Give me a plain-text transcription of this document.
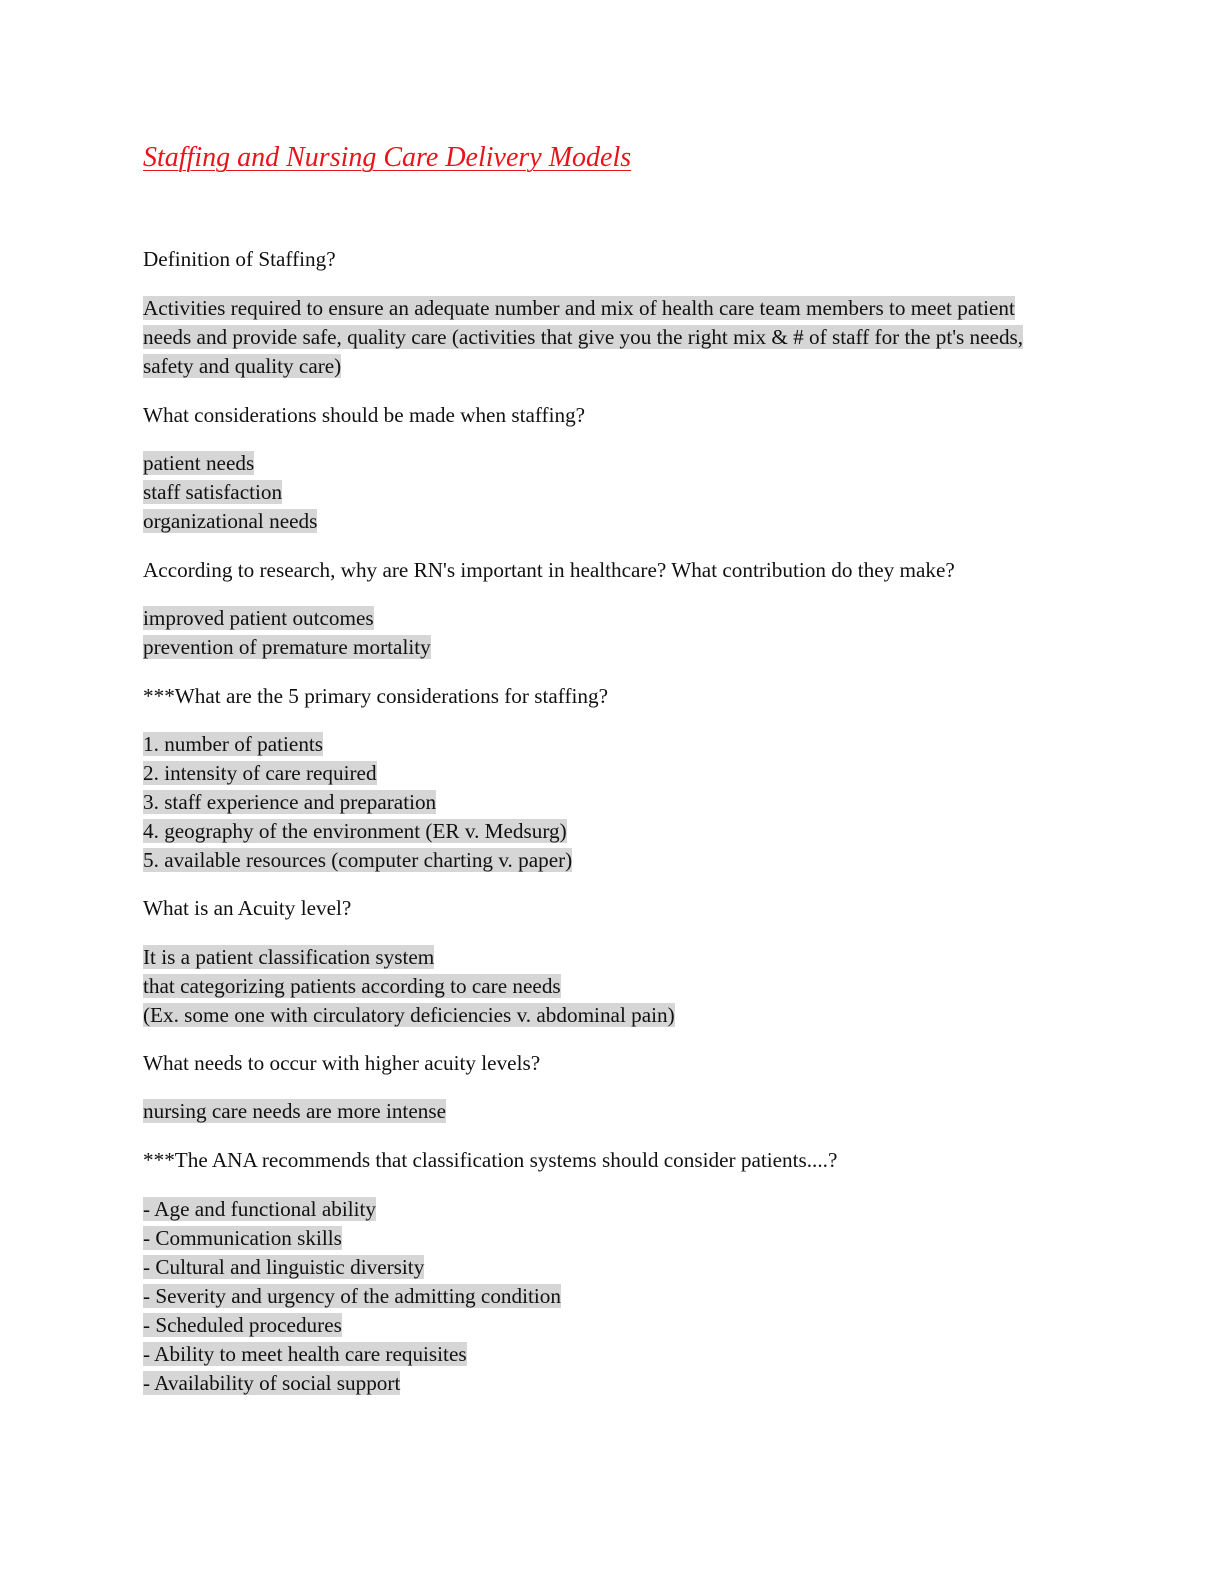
Staffing and Nursing Care Delivery Models
Definition of Staffing?
Activities required to ensure an adequate number and mix of health care team members to meet patient
needs and provide safe, quality care (activities that give you the right mix & # of staff for the pt's needs,
safety and quality care)
What considerations should be made when staffing?
patient needs
staff satisfaction
organizational needs
According to research, why are RN's important in healthcare? What contribution do they make?
improved patient outcomes
prevention of premature mortality
***What are the 5 primary considerations for staffing?
1. number of patients
2. intensity of care required
3. staff experience and preparation
4. geography of the environment (ER v. Medsurg)
5. available resources (computer charting v. paper)
What is an Acuity level?
It is a patient classification system
that categorizing patients according to care needs
(Ex. some one with circulatory deficiencies v. abdominal pain)
What needs to occur with higher acuity levels?
nursing care needs are more intense
***The ANA recommends that classification systems should consider patients....?
- Age and functional ability
- Communication skills
- Cultural and linguistic diversity
- Severity and urgency of the admitting condition
- Scheduled procedures
- Ability to meet health care requisites
- Availability of social support
